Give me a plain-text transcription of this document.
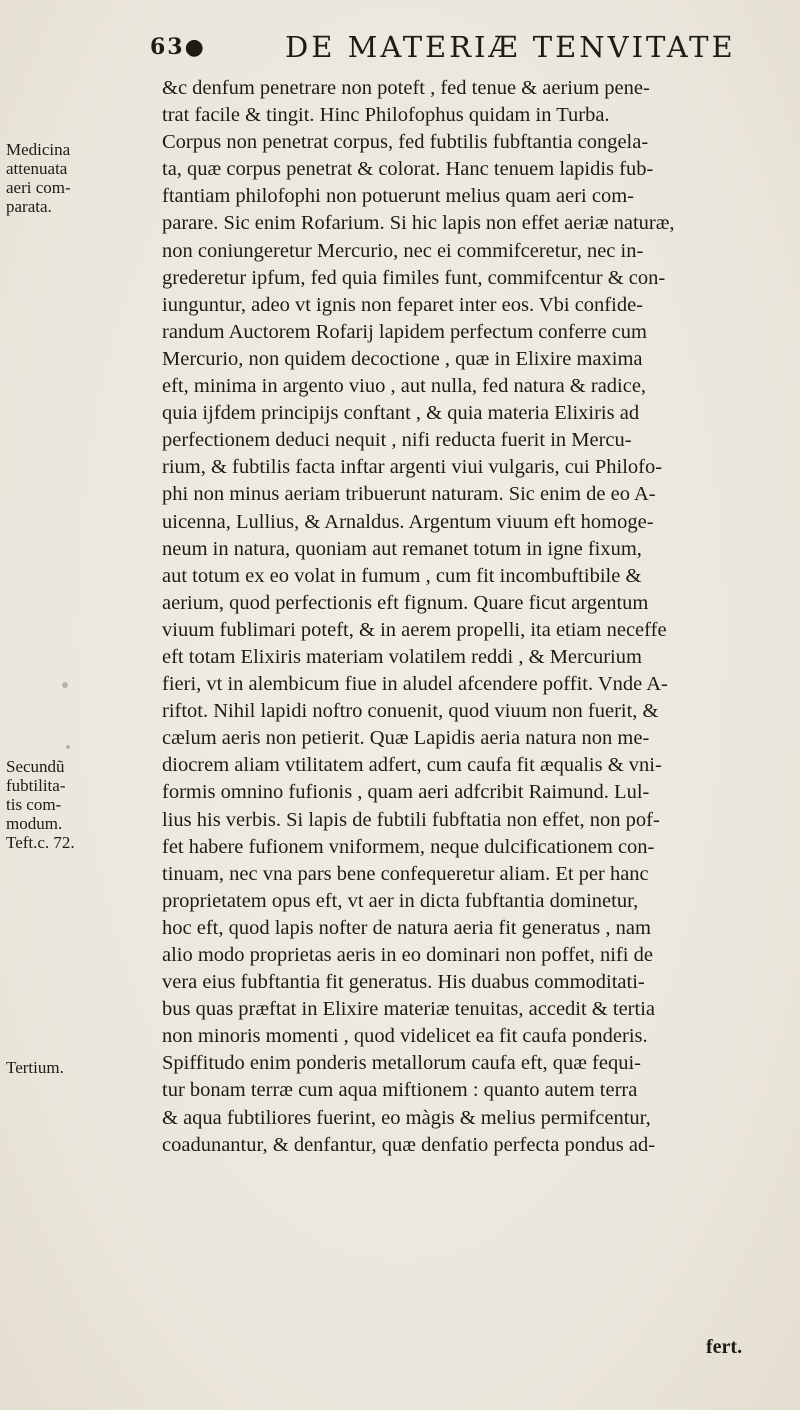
63●	DE MATERIÆ TENVITATE
Medicina
attenuata
aeri com-
parata.
Secundũ
fubtilita-
tis com-
modum.
Teft.c. 72.
Tertium.
&c denfum penetrare non poteft , fed tenue & aerium pene-
trat facile & tingit. Hinc Philofophus quidam in Turba.
Corpus non penetrat corpus, fed fubtilis fubftantia congela-
ta, quæ corpus penetrat & colorat. Hanc tenuem lapidis fub-
ftantiam philofophi non potuerunt melius quam aeri com-
parare. Sic enim Rofarium. Si hic lapis non effet aeriæ naturæ,
non coniungeretur Mercurio, nec ei commifceretur, nec in-
grederetur ipfum, fed quia fimiles funt, commifcentur & con-
iunguntur, adeo vt ignis non feparet inter eos. Vbi confide-
randum Auctorem Rofarij lapidem perfectum conferre cum
Mercurio, non quidem decoctione , quæ in Elixire maxima
eft, minima in argento viuo , aut nulla, fed natura & radice,
quia ijfdem principijs conftant , & quia materia Elixiris ad
perfectionem deduci nequit , nifi reducta fuerit in Mercu-
rium, & fubtilis facta inftar argenti viui vulgaris, cui Philofo-
phi non minus aeriam tribuerunt naturam. Sic enim de eo A-
uicenna, Lullius, & Arnaldus. Argentum viuum eft homoge-
neum in natura, quoniam aut remanet totum in igne fixum,
aut totum ex eo volat in fumum , cum fit incombuftibile &
aerium, quod perfectionis eft fignum. Quare ficut argentum
viuum fublimari poteft, & in aerem propelli, ita etiam neceffe
eft totam Elixiris materiam volatilem reddi , & Mercurium
fieri, vt in alembicum fiue in aludel afcendere poffit. Vnde A-
riftot. Nihil lapidi noftro conuenit, quod viuum non fuerit, &
cælum aeris non petierit. Quæ Lapidis aeria natura non me-
diocrem aliam vtilitatem adfert, cum caufa fit æqualis & vni-
formis omnino fufionis , quam aeri adfcribit Raimund. Lul-
lius his verbis. Si lapis de fubtili fubftatia non effet, non pof-
fet habere fufionem vniformem, neque dulcificationem con-
tinuam, nec vna pars bene confequeretur aliam. Et per hanc
proprietatem opus eft, vt aer in dicta fubftantia dominetur,
hoc eft, quod lapis nofter de natura aeria fit generatus , nam
alio modo proprietas aeris in eo dominari non poffet, nifi de
vera eius fubftantia fit generatus. His duabus commoditati-
bus quas præftat in Elixire materiæ tenuitas, accedit & tertia
non minoris momenti , quod videlicet ea fit caufa ponderis.
Spiffitudo enim ponderis metallorum caufa eft, quæ fequi-
tur bonam terræ cum aqua miftionem : quanto autem terra
& aqua fubtiliores fuerint, eo màgis & melius permifcentur,
coadunantur, & denfantur, quæ denfatio perfecta pondus ad-
fert.
